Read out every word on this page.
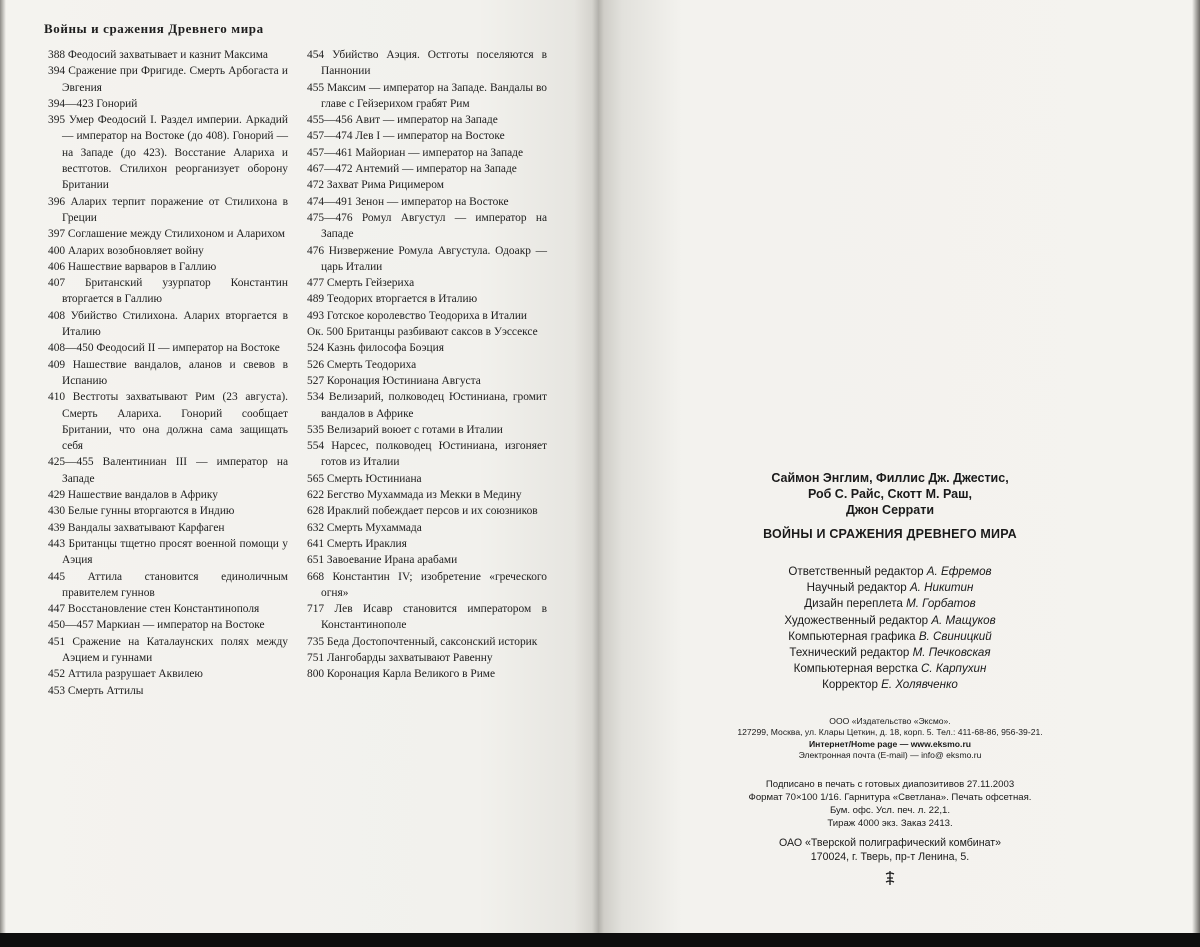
Войны и сражения Древнего мира
388 Феодосий захватывает и казнит Максима
394 Сражение при Фригиде. Смерть Арбогаста и Эвгения
394—423 Гонорий
395 Умер Феодосий I. Раздел империи. Аркадий — император на Востоке (до 408). Гонорий — на Западе (до 423). Восстание Алариха и вестготов. Стилихон реорганизует оборону Британии
396 Аларих терпит поражение от Стилихона в Греции
397 Соглашение между Стилихоном и Аларихом
400 Аларих возобновляет войну
406 Нашествие варваров в Галлию
407 Британский узурпатор Константин вторгается в Галлию
408 Убийство Стилихона. Аларих вторгается в Италию
408—450 Феодосий II — император на Востоке
409 Нашествие вандалов, аланов и свевов в Испанию
410 Вестготы захватывают Рим (23 августа). Смерть Алариха. Гонорий сообщает Британии, что она должна сама защищать себя
425—455 Валентиниан III — император на Западе
429 Нашествие вандалов в Африку
430 Белые гунны вторгаются в Индию
439 Вандалы захватывают Карфаген
443 Британцы тщетно просят военной помощи у Аэция
445 Аттила становится единоличным правителем гуннов
447 Восстановление стен Константинополя
450—457 Маркиан — император на Востоке
451 Сражение на Каталаунских полях между Аэцием и гуннами
452 Аттила разрушает Аквилею
453 Смерть Аттилы
454 Убийство Аэция. Остготы поселяются в Паннонии
455 Максим — император на Западе. Вандалы во главе с Гейзерихом грабят Рим
455—456 Авит — император на Западе
457—474 Лев I — император на Востоке
457—461 Майориан — император на Западе
467—472 Антемий — император на Западе
472 Захват Рима Рицимером
474—491 Зенон — император на Востоке
475—476 Ромул Августул — император на Западе
476 Низвержение Ромула Августула. Одоакр — царь Италии
477 Смерть Гейзериха
489 Теодорих вторгается в Италию
493 Готское королевство Теодориха в Италии
Ок. 500 Британцы разбивают саксов в Уэссексе
524 Казнь философа Боэция
526 Смерть Теодориха
527 Коронация Юстиниана Августа
534 Велизарий, полководец Юстиниана, громит вандалов в Африке
535 Велизарий воюет с готами в Италии
554 Нарсес, полководец Юстиниана, изгоняет готов из Италии
565 Смерть Юстиниана
622 Бегство Мухаммада из Мекки в Медину
628 Ираклий побеждает персов и их союзников
632 Смерть Мухаммада
641 Смерть Ираклия
651 Завоевание Ирана арабами
668 Константин IV; изобретение «греческого огня»
717 Лев Исавр становится императором в Константинополе
735 Беда Достопочтенный, саксонский историк
751 Лангобарды захватывают Равенну
800 Коронация Карла Великого в Риме
Саймон Энглим, Филлис Дж. Джестис,
Роб С. Райс, Скотт М. Раш,
Джон Серрати
ВОЙНЫ И СРАЖЕНИЯ ДРЕВНЕГО МИРА
Ответственный редактор А. Ефремов
Научный редактор А. Никитин
Дизайн переплета М. Горбатов
Художественный редактор А. Мащуков
Компьютерная графика В. Свиницкий
Технический редактор М. Печковская
Компьютерная верстка С. Карпухин
Корректор Е. Холявченко
ООО «Издательство «Эксмо».
127299, Москва, ул. Клары Цеткин, д. 18, корп. 5. Тел.: 411-68-86, 956-39-21.
Интернет/Home page — www.eksmo.ru
Электронная почта (E-mail) — info@ eksmo.ru
Подписано в печать с готовых диапозитивов 27.11.2003
Формат 70×100 1/16. Гарнитура «Светлана». Печать офсетная.
Бум. офс. Усл. печ. л. 22,1.
Тираж 4000 экз. Заказ 2413.
ОАО «Тверской полиграфический комбинат»
170024, г. Тверь, пр-т Ленина, 5.
